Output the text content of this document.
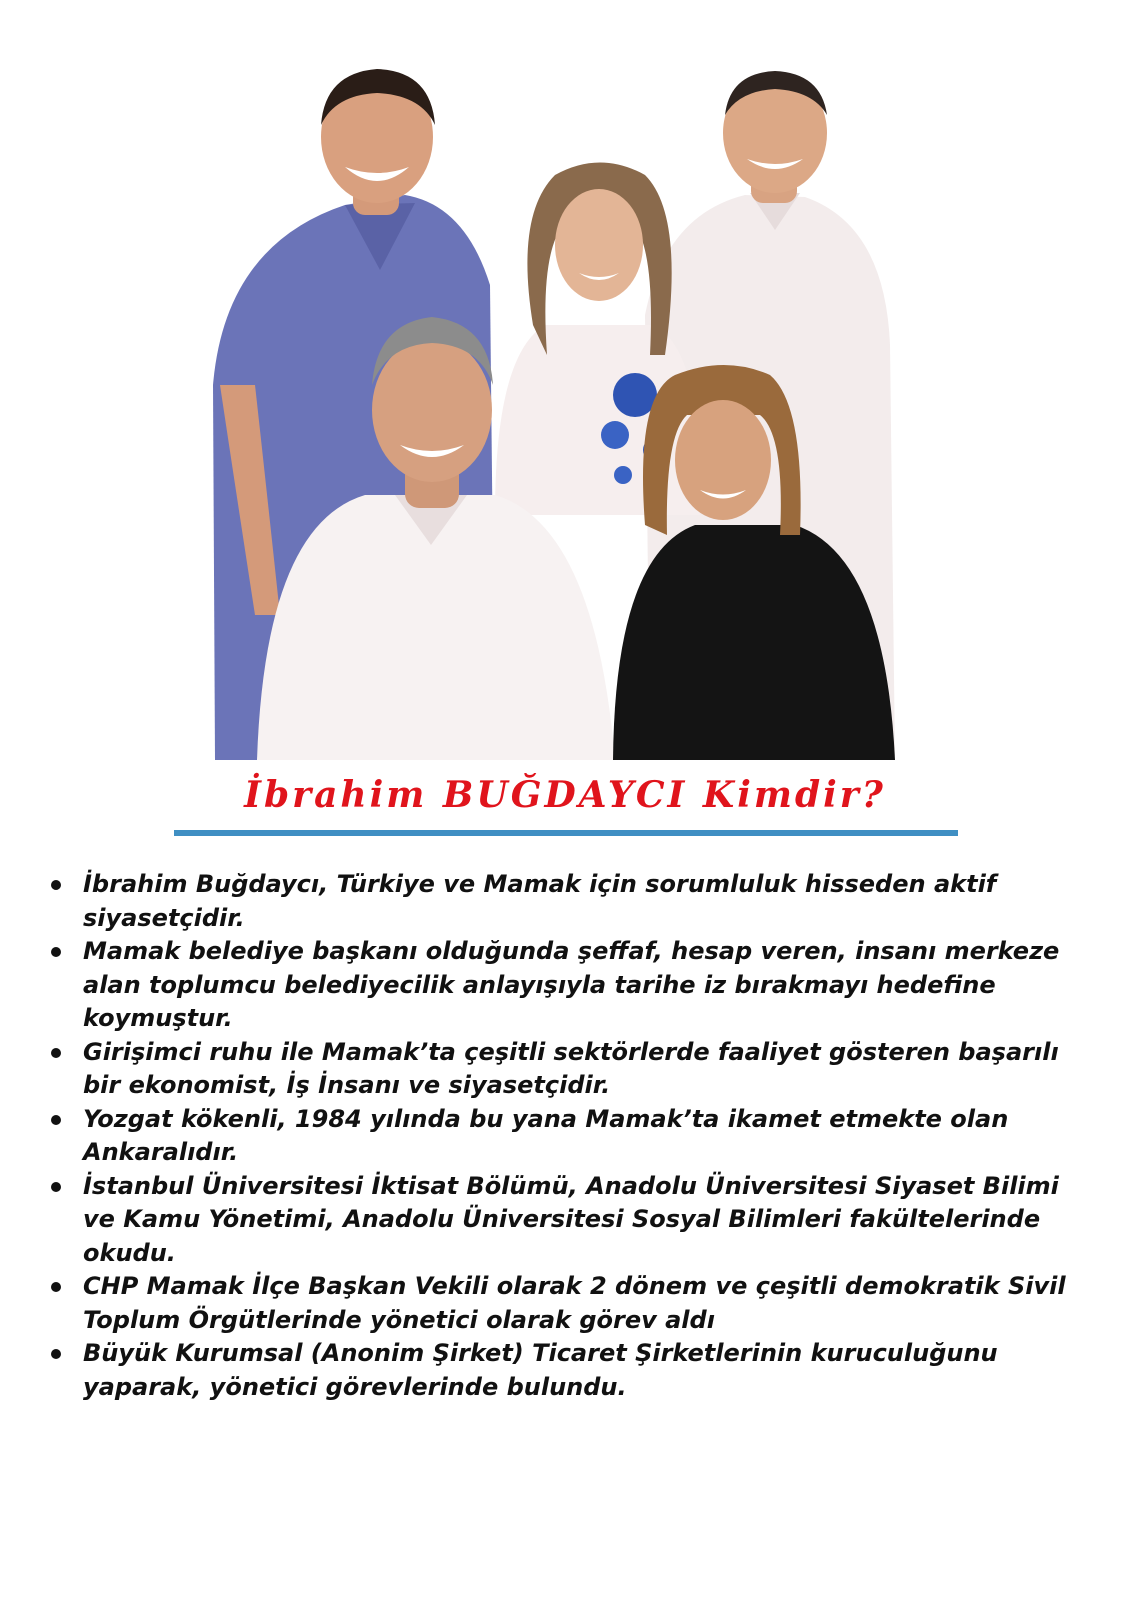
İbrahim BUĞDAYCI Kimdir?
İbrahim Buğdaycı, Türkiye ve Mamak için sorumluluk hisseden aktif siyasetçidir.
Mamak belediye başkanı olduğunda şeffaf, hesap veren, insanı merkeze alan toplumcu belediyecilik anlayışıyla tarihe iz bırakmayı hedefine koymuştur.
Girişimci ruhu ile Mamak’ta çeşitli sektörlerde faaliyet gösteren başarılı bir ekonomist, İş İnsanı ve siyasetçidir.
Yozgat kökenli, 1984 yılında bu yana Mamak’ta ikamet etmekte olan Ankaralıdır.
İstanbul Üniversitesi İktisat Bölümü, Anadolu Üniversitesi Siyaset Bilimi ve Kamu Yönetimi, Anadolu Üniversitesi Sosyal Bilimleri fakültelerinde okudu.
CHP Mamak İlçe Başkan Vekili olarak 2 dönem ve çeşitli demokratik Sivil Toplum Örgütlerinde yönetici olarak görev aldı
Büyük Kurumsal (Anonim Şirket) Ticaret Şirketlerinin kuruculuğunu yaparak, yönetici görevlerinde bulundu.
